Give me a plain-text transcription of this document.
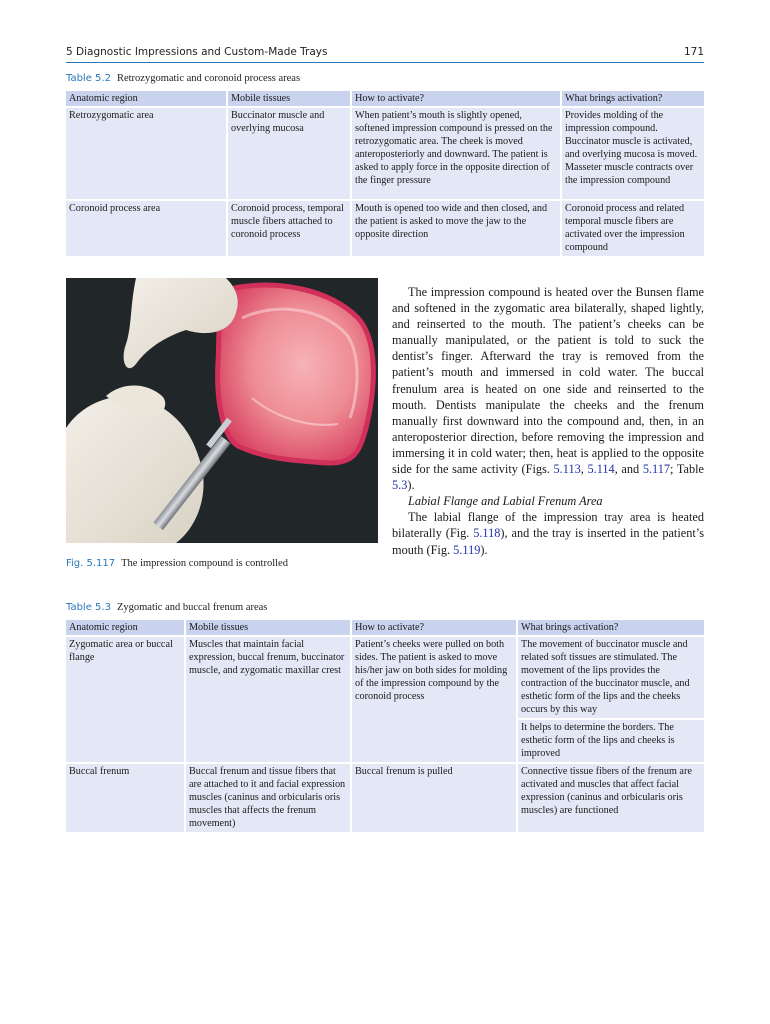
5 Diagnostic Impressions and Custom-Made Trays	171
Table 5.2 Retrozygomatic and coronoid process areas
Anatomic region	Mobile tissues	How to activate?	What brings activation?
Retrozygomatic area	Buccinator muscle and overlying mucosa	When patient’s mouth is slightly opened, softened impression compound is pressed on the retrozygomatic area. The cheek is moved anteroposteriorly and downward. The patient is asked to apply force in the opposite direction of the finger pressure	Provides molding of the impression compound. Buccinator muscle is activated, and overlying mucosa is moved. Masseter muscle contracts over the impression compound
Coronoid process area	Coronoid process, temporal muscle fibers attached to coronoid process	Mouth is opened too wide and then closed, and the patient is asked to move the jaw to the opposite direction	Coronoid process and related temporal muscle fibers are activated over the impression compound
Fig. 5.117 The impression compound is controlled

The impression compound is heated over the Bunsen flame and softened in the zygomatic area bilaterally, shaped lightly, and reinserted to the mouth. The patient’s cheeks can be manually manipulated, or the patient is told to suck the dentist’s finger. Afterward the tray is removed from the patient’s mouth and immersed in cold water. The buccal frenulum area is heated on one side and reinserted to the mouth. Dentists manipulate the cheeks and the frenum manually first downward into the compound and, then, in an anteroposterior direction, before removing the impression and immersing it in cold water; then, heat is applied to the opposite side for the same activity (Figs. 5.113, 5.114, and 5.117; Table 5.3).

Labial Flange and Labial Frenum Area

The labial flange of the impression tray area is heated bilaterally (Fig. 5.118), and the tray is inserted in the patient’s mouth (Fig. 5.119).

Table 5.3 Zygomatic and buccal frenum areas
Anatomic region	Mobile tissues	How to activate?	What brings activation?
Zygomatic area or buccal flange	Muscles that maintain facial expression, buccal frenum, buccinator muscle, and zygomatic maxillar crest	Patient’s cheeks were pulled on both sides. The patient is asked to move his/her jaw on both sides for molding of the impression compound by the coronoid process	The movement of buccinator muscle and related soft tissues are stimulated. The movement of the lips provides the contraction of the buccinator muscle, and esthetic form of the lips and the cheeks occurs by this way
			It helps to determine the borders. The esthetic form of the lips and cheeks is improved
Buccal frenum	Buccal frenum and tissue fibers that are attached to it and facial expression muscles (caninus and orbicularis oris muscles that affects the frenum movement)	Buccal frenum is pulled	Connective tissue fibers of the frenum are activated and muscles that affect facial expression (caninus and orbicularis oris muscles) are functioned
